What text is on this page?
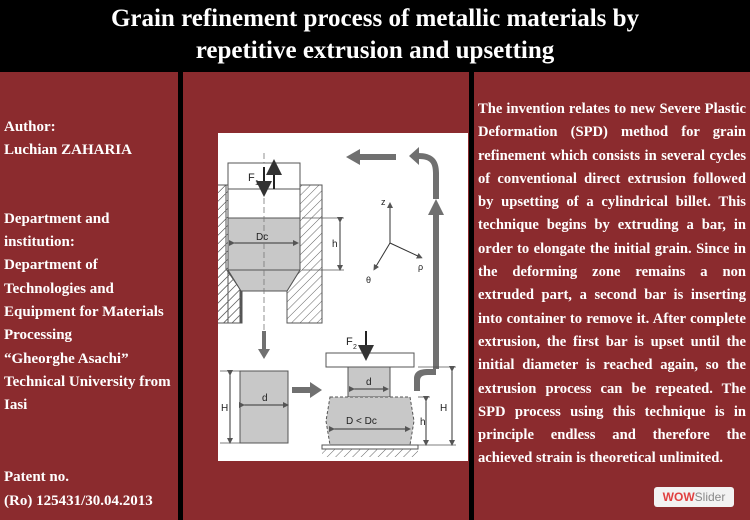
Grain refinement process of metallic materials by
repetitive extrusion and upsetting
Author:
Luchian ZAHARIA
Department and
institution:
Department of
Technologies and
Equipment for Materials
Processing
“Gheorghe Asachi”
Technical University from
Iasi
Patent no.
(Ro) 125431/30.04.2013
The invention relates to new Severe Plastic Deformation (SPD) method for grain refinement which consists in several cycles of conventional direct extrusion followed by upsetting of a cylindrical billet. This technique begins by extruding a bar, in order to elongate the initial grain. Since in the deforming zone remains a non extruded part, a second bar is inserting into container to remove it. After complete extrusion, the first bar is upset until the initial diameter is reached again, so the extrusion process can be repeated. The SPD process using this technique is in principle endless and therefore the achieved strain is theoretical unlimited.
F 1
Dc
h
z
ρ
θ
d
H
F 2
d
D < Dc	h
H
WOWSlider
